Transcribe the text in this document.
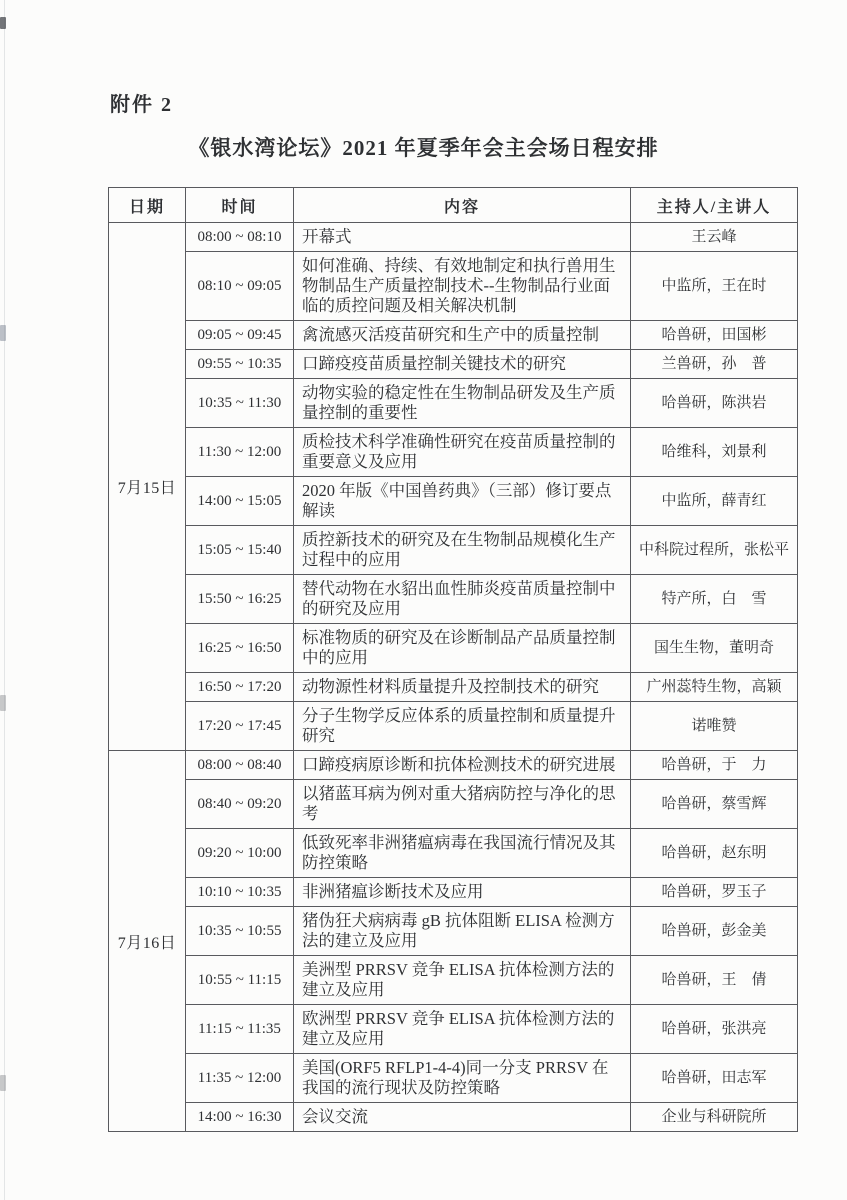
附件 2
《银水湾论坛》2021 年夏季年会主会场日程安排
日期	时间	内容	主持人/主讲人
7月15日	08:00 ~ 08:10	开幕式	王云峰
	08:10 ~ 09:05	如何准确、持续、有效地制定和执行兽用生物制品生产质量控制技术--生物制品行业面临的质控问题及相关解决机制	中监所，王在时
	09:05 ~ 09:45	禽流感灭活疫苗研究和生产中的质量控制	哈兽研，田国彬
	09:55 ~ 10:35	口蹄疫疫苗质量控制关键技术的研究	兰兽研，孙　普
	10:35 ~ 11:30	动物实验的稳定性在生物制品研发及生产质量控制的重要性	哈兽研，陈洪岩
	11:30 ~ 12:00	质检技术科学准确性研究在疫苗质量控制的重要意义及应用	哈维科，刘景利
	14:00 ~ 15:05	2020 年版《中国兽药典》（三部）修订要点解读	中监所，薛青红
	15:05 ~ 15:40	质控新技术的研究及在生物制品规模化生产过程中的应用	中科院过程所，张松平
	15:50 ~ 16:25	替代动物在水貂出血性肺炎疫苗质量控制中的研究及应用	特产所，白　雪
	16:25 ~ 16:50	标准物质的研究及在诊断制品产品质量控制中的应用	国生生物，董明奇
	16:50 ~ 17:20	动物源性材料质量提升及控制技术的研究	广州蕊特生物，高颖
	17:20 ~ 17:45	分子生物学反应体系的质量控制和质量提升研究	诺唯赞
7月16日	08:00 ~ 08:40	口蹄疫病原诊断和抗体检测技术的研究进展	哈兽研，于　力
	08:40 ~ 09:20	以猪蓝耳病为例对重大猪病防控与净化的思考	哈兽研，蔡雪辉
	09:20 ~ 10:00	低致死率非洲猪瘟病毒在我国流行情况及其防控策略	哈兽研，赵东明
	10:10 ~ 10:35	非洲猪瘟诊断技术及应用	哈兽研，罗玉子
	10:35 ~ 10:55	猪伪狂犬病病毒 gB 抗体阻断 ELISA 检测方法的建立及应用	哈兽研，彭金美
	10:55 ~ 11:15	美洲型 PRRSV 竞争 ELISA 抗体检测方法的建立及应用	哈兽研，王　倩
	11:15 ~ 11:35	欧洲型 PRRSV 竞争 ELISA 抗体检测方法的建立及应用	哈兽研，张洪亮
	11:35 ~ 12:00	美国(ORF5 RFLP1-4-4)同一分支 PRRSV 在我国的流行现状及防控策略	哈兽研，田志军
	14:00 ~ 16:30	会议交流	企业与科研院所
